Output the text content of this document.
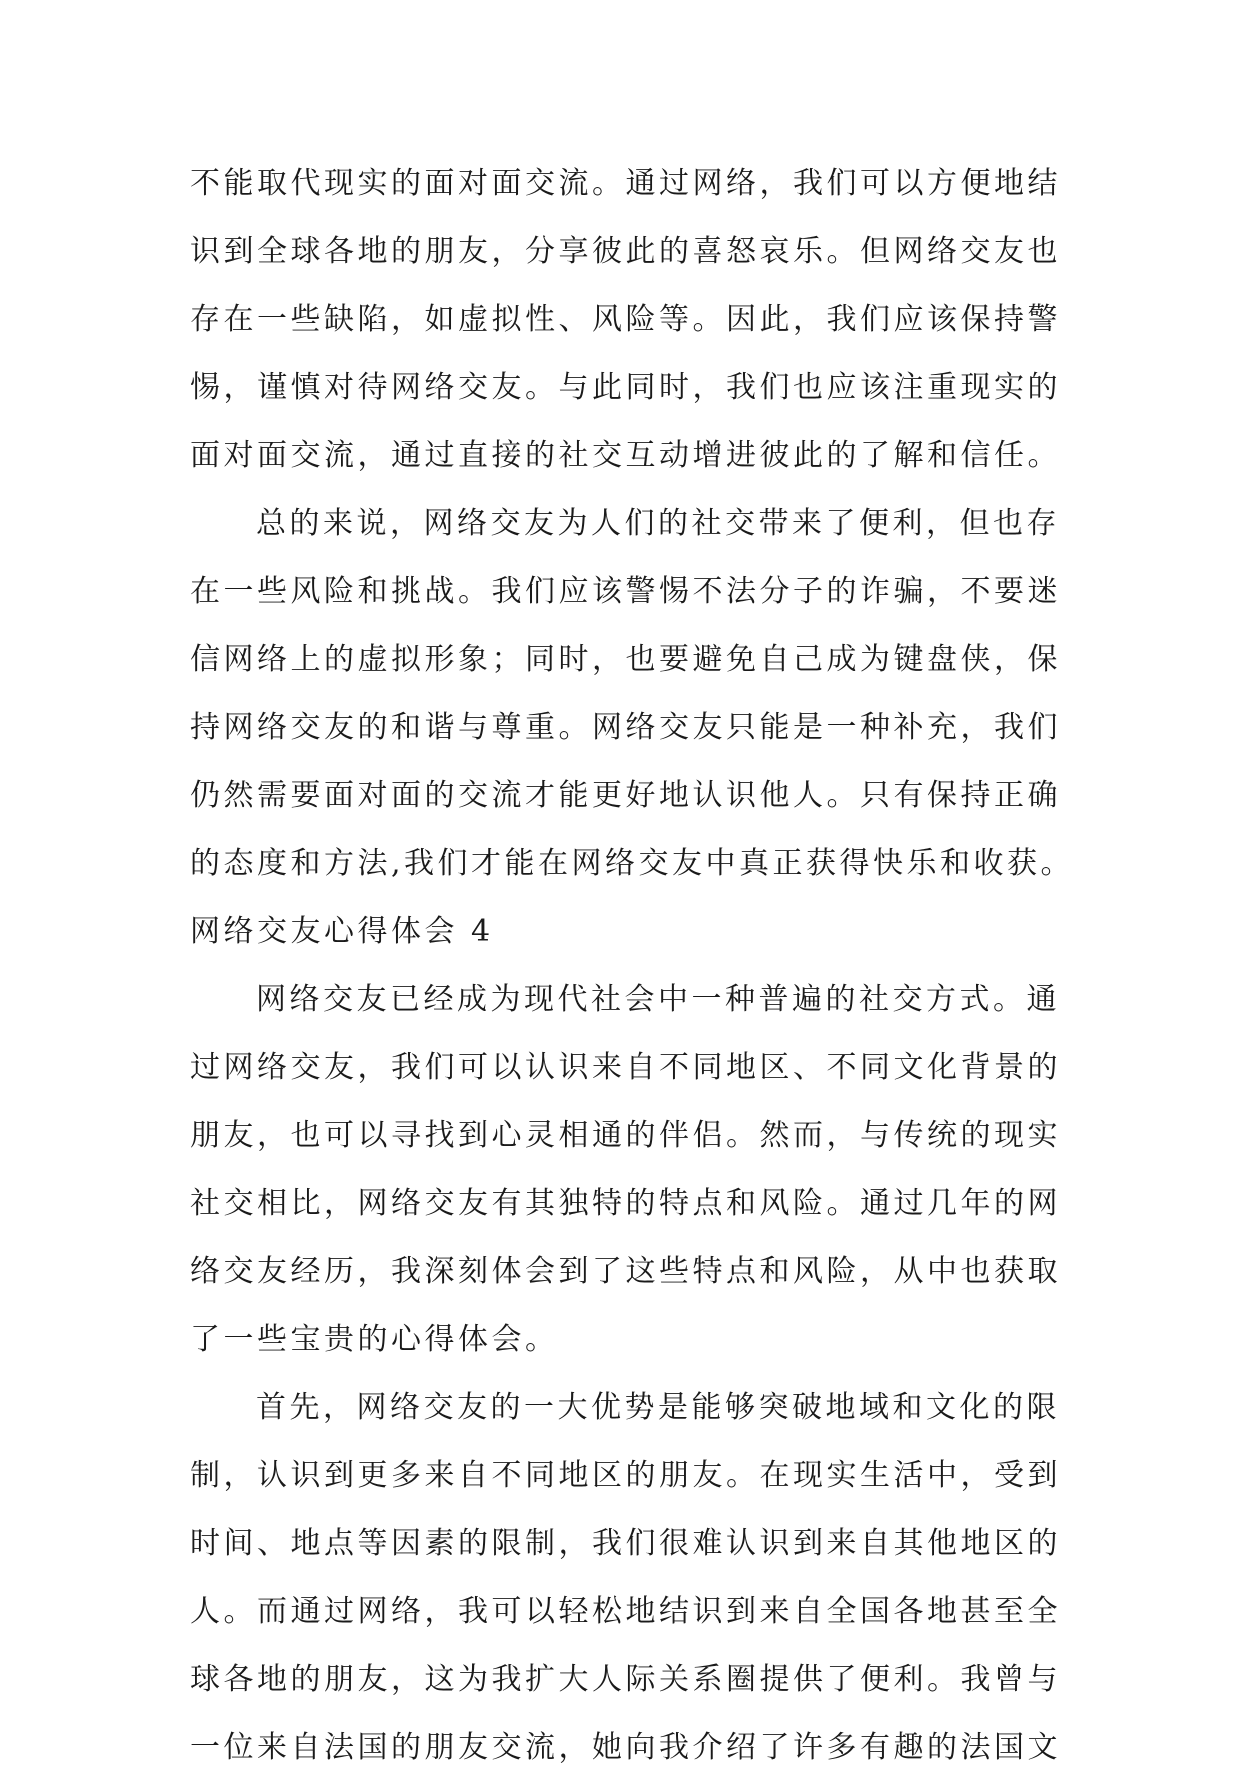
不能取代现实的面对面交流。通过网络，我们可以方便地结
识到全球各地的朋友，分享彼此的喜怒哀乐。但网络交友也
存在一些缺陷，如虚拟性、风险等。因此，我们应该保持警
惕，谨慎对待网络交友。与此同时，我们也应该注重现实的
面对面交流，通过直接的社交互动增进彼此的了解和信任。
总的来说，网络交友为人们的社交带来了便利，但也存
在一些风险和挑战。我们应该警惕不法分子的诈骗，不要迷
信网络上的虚拟形象；同时，也要避免自己成为键盘侠，保
持网络交友的和谐与尊重。网络交友只能是一种补充，我们
仍然需要面对面的交流才能更好地认识他人。只有保持正确
的态度和方法,我们才能在网络交友中真正获得快乐和收获。
网络交友心得体会 4
网络交友已经成为现代社会中一种普遍的社交方式。通
过网络交友，我们可以认识来自不同地区、不同文化背景的
朋友，也可以寻找到心灵相通的伴侣。然而，与传统的现实
社交相比，网络交友有其独特的特点和风险。通过几年的网
络交友经历，我深刻体会到了这些特点和风险，从中也获取
了一些宝贵的心得体会。
首先，网络交友的一大优势是能够突破地域和文化的限
制，认识到更多来自不同地区的朋友。在现实生活中，受到
时间、地点等因素的限制，我们很难认识到来自其他地区的
人。而通过网络，我可以轻松地结识到来自全国各地甚至全
球各地的朋友，这为我扩大人际关系圈提供了便利。我曾与
一位来自法国的朋友交流，她向我介绍了许多有趣的法国文
